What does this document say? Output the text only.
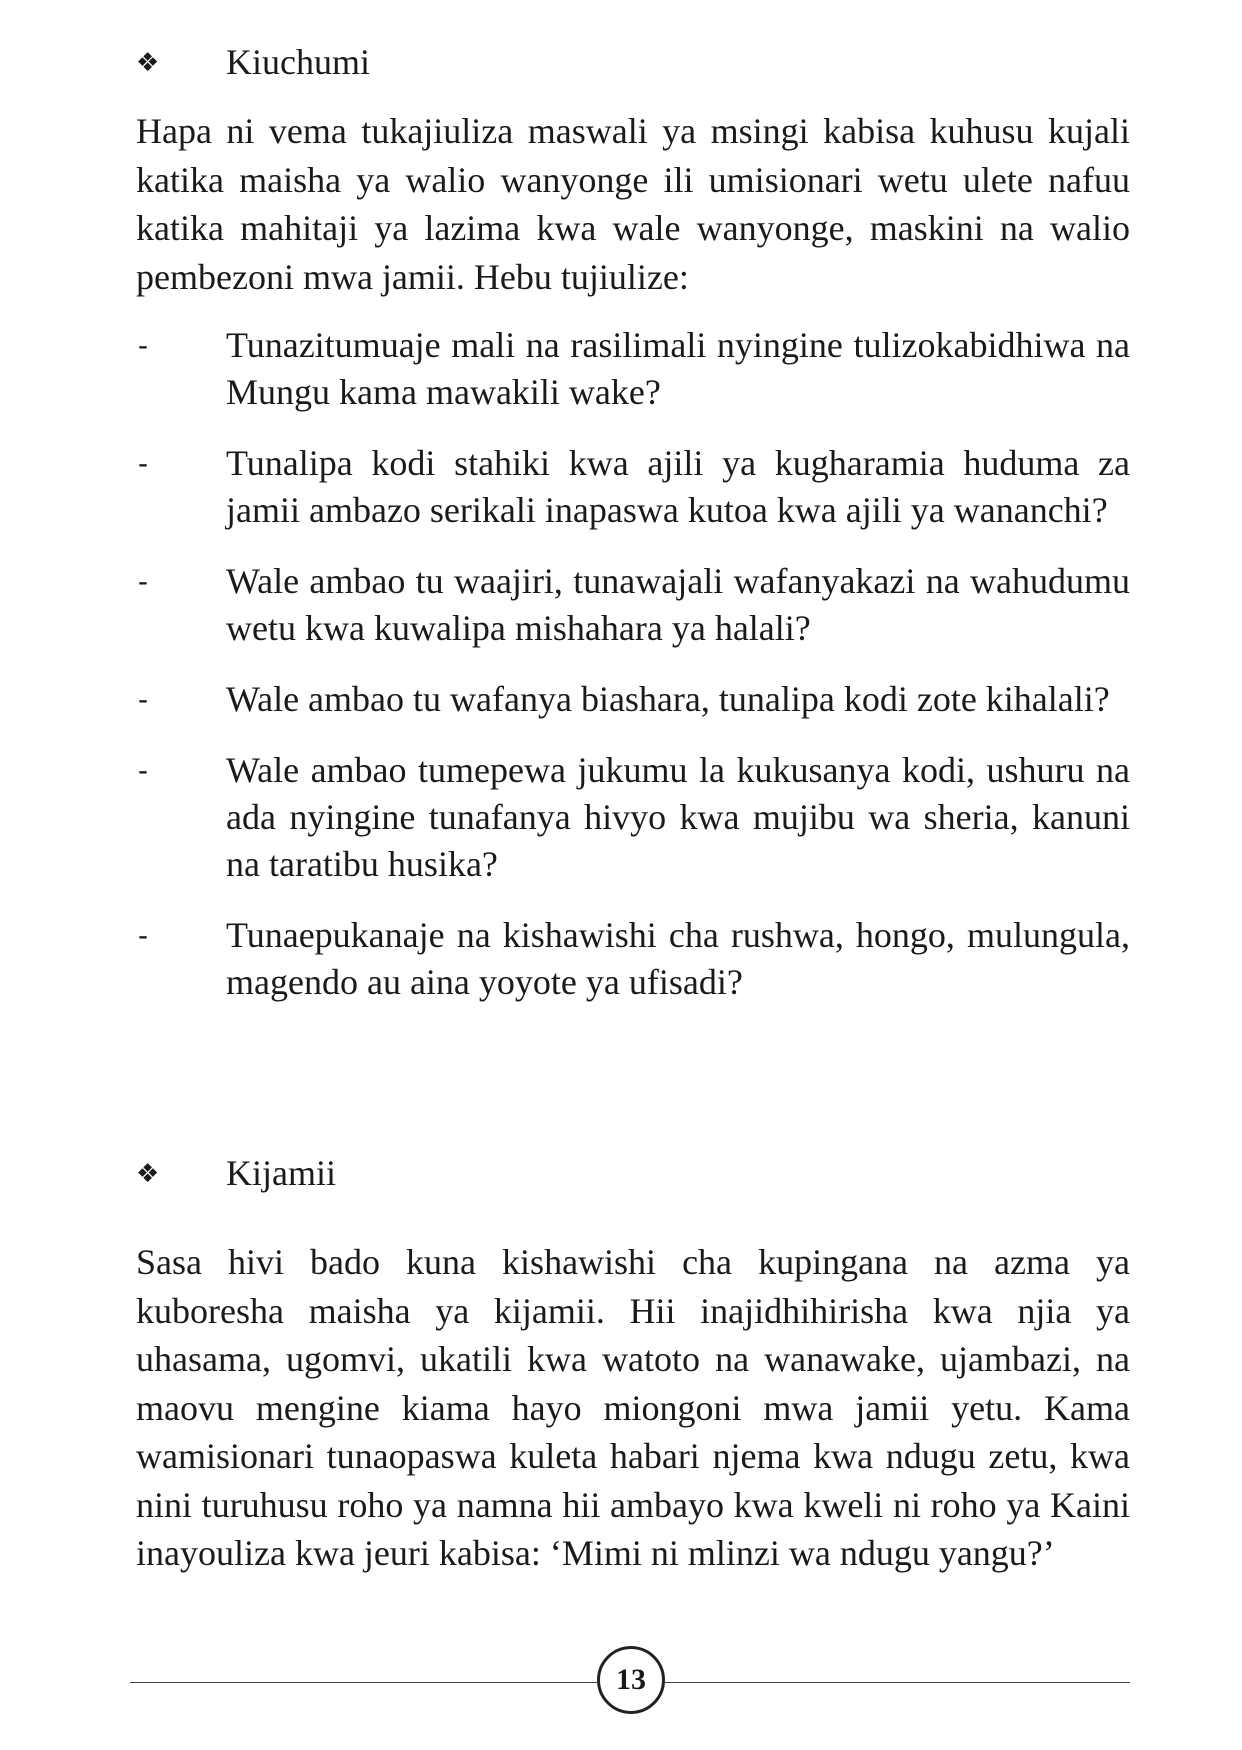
❖ Kiuchumi

Hapa ni vema tukajiuliza maswali ya msingi kabisa kuhusu kujali katika maisha ya walio wanyonge ili umisionari wetu ulete nafuu katika mahitaji ya lazima kwa wale wanyonge, maskini na walio pembezoni mwa jamii. Hebu tujiulize:

- Tunazitumuaje mali na rasilimali nyingine tulizokabidhiwa na Mungu kama mawakili wake?
- Tunalipa kodi stahiki kwa ajili ya kugharamia huduma za jamii ambazo serikali inapaswa kutoa kwa ajili ya wananchi?
- Wale ambao tu waajiri, tunawajali wafanyakazi na wahudumu wetu kwa kuwalipa mishahara ya halali?
- Wale ambao tu wafanya biashara, tunalipa kodi zote kihalali?
- Wale ambao tumepewa jukumu la kukusanya kodi, ushuru na ada nyingine tunafanya hivyo kwa mujibu wa sheria, kanuni na taratibu husika?
- Tunaepukanaje na kishawishi cha rushwa, hongo, mulungula, magendo au aina yoyote ya ufisadi?
❖ Kijamii

Sasa hivi bado kuna kishawishi cha kupingana na azma ya kuboresha maisha ya kijamii. Hii inajidhihirisha kwa njia ya uhasama, ugomvi, ukatili kwa watoto na wanawake, ujambazi, na maovu mengine kiama hayo miongoni mwa jamii yetu. Kama wamisionari tunaopaswa kuleta habari njema kwa ndugu zetu, kwa nini turuhusu roho ya namna hii ambayo kwa kweli ni roho ya Kaini inayouliza kwa jeuri kabisa: ‘Mimi ni mlinzi wa ndugu yangu?’

13
